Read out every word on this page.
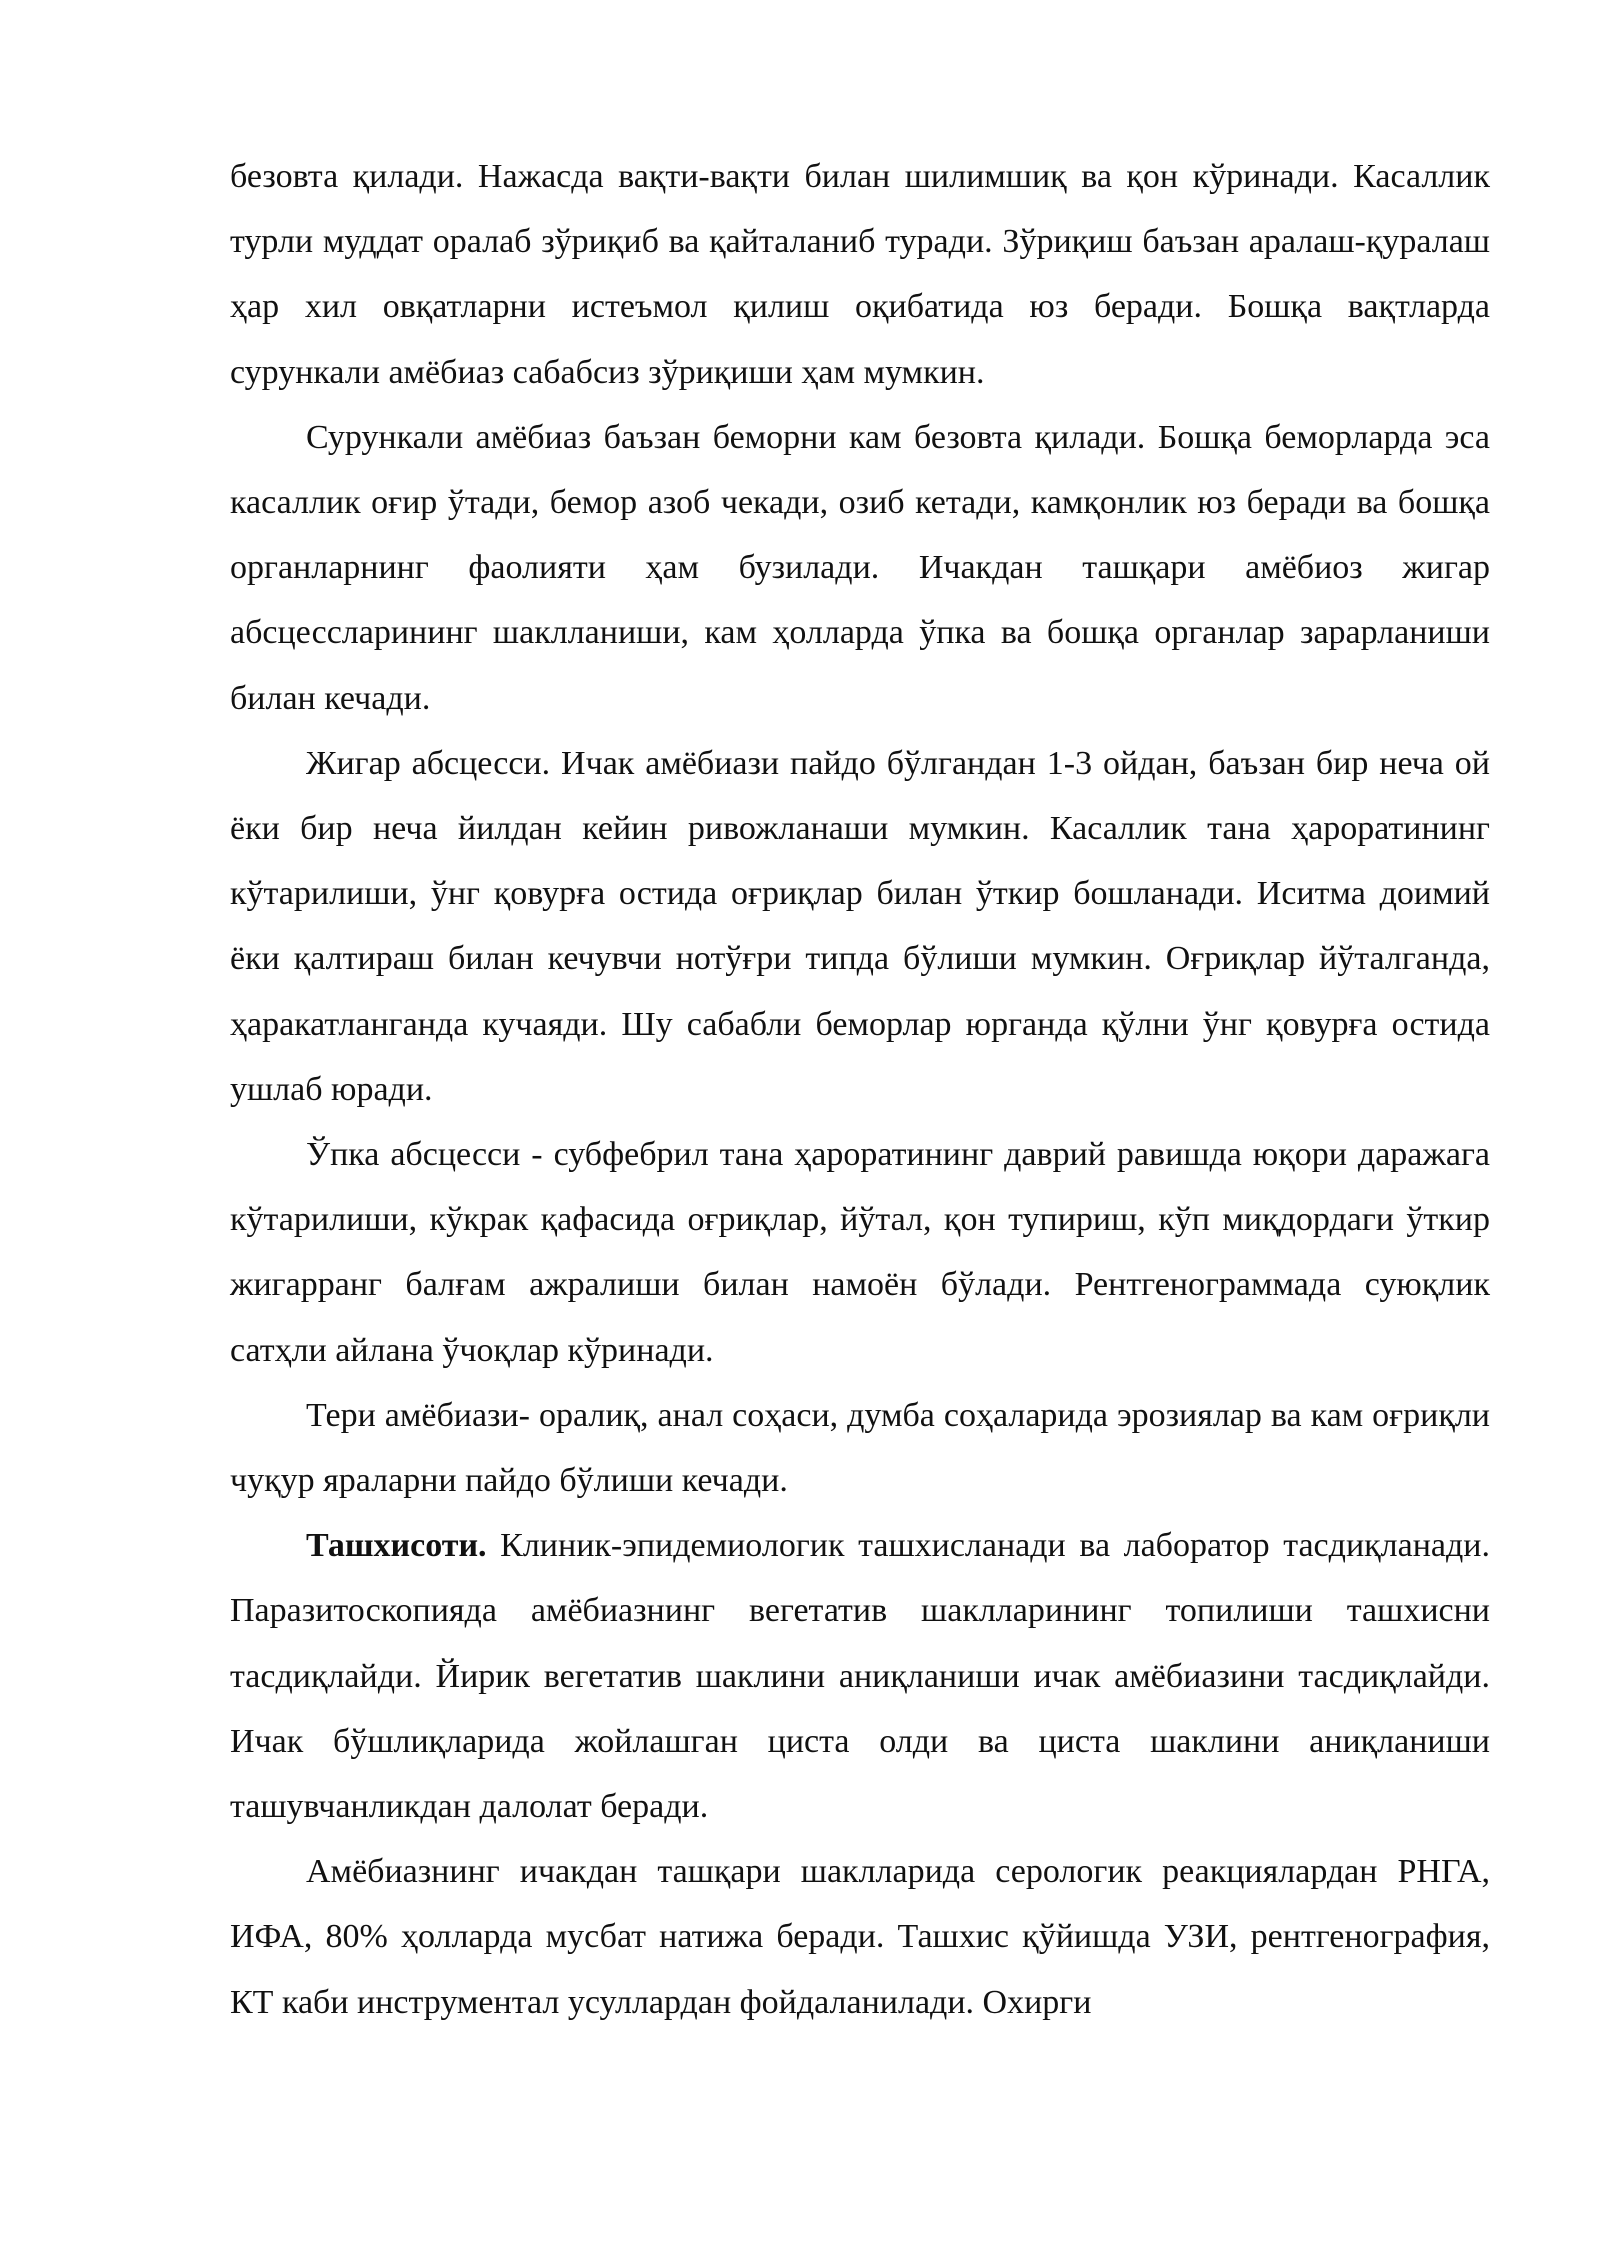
безовта қилади. Нажасда вақти-вақти билан шилимшиқ ва қон кўринади. Касаллик турли муддат оралаб зўриқиб ва қайталаниб туради. Зўриқиш баъзан аралаш-қуралаш ҳар хил овқатларни истеъмол қилиш оқибатида юз беради. Бошқа вақтларда сурункали амёбиаз сабабсиз зўриқиши ҳам мумкин.

Сурункали амёбиаз баъзан беморни кам безовта қилади. Бошқа беморларда эса касаллик оғир ўтади, бемор азоб чекади, озиб кетади, камқонлик юз беради ва бошқа органларнинг фаолияти ҳам бузилади. Ичакдан ташқари амёбиоз жигар абсцессларининг шаклланиши, кам ҳолларда ўпка ва бошқа органлар зарарланиши билан кечади.

Жигар абсцесси. Ичак амёбиази пайдо бўлгандан 1-3 ойдан, баъзан бир неча ой ёки бир неча йилдан кейин ривожланаши мумкин. Касаллик тана ҳароратининг кўтарилиши, ўнг қовурға остида оғриқлар билан ўткир бошланади. Иситма доимий ёки қалтираш билан кечувчи нотўғри типда бўлиши мумкин. Оғриқлар йўталганда, ҳаракатланганда кучаяди. Шу сабабли беморлар юрганда қўлни ўнг қовурға остида ушлаб юради.

Ўпка абсцесси - субфебрил тана ҳароратининг даврий равишда юқори даражага кўтарилиши, кўкрак қафасида оғриқлар, йўтал, қон тупириш, кўп миқдордаги ўткир жигарранг балғам ажралиши билан намоён бўлади. Рентгенограммада суюқлик сатҳли айлана ўчоқлар кўринади.

Тери амёбиази- оралиқ, анал соҳаси, думба соҳаларида эрозиялар ва кам оғриқли чуқур яраларни пайдо бўлиши кечади.

Ташхисоти. Клиник-эпидемиологик ташхисланади ва лаборатор тасдиқланади. Паразитоскопияда амёбиазнинг вегетатив шаклларининг топилиши ташхисни тасдиқлайди. Йирик вегетатив шаклини аниқланиши ичак амёбиазини тасдиқлайди. Ичак бўшлиқларида жойлашган циста олди ва циста шаклини аниқланиши ташувчанликдан далолат беради.

Амёбиазнинг ичакдан ташқари шаклларида серологик реакциялардан РНГА, ИФА, 80% ҳолларда мусбат натижа беради. Ташхис қўйишда УЗИ, рентгенография, КТ каби инструментал усуллардан фойдаланилади. Охирги
